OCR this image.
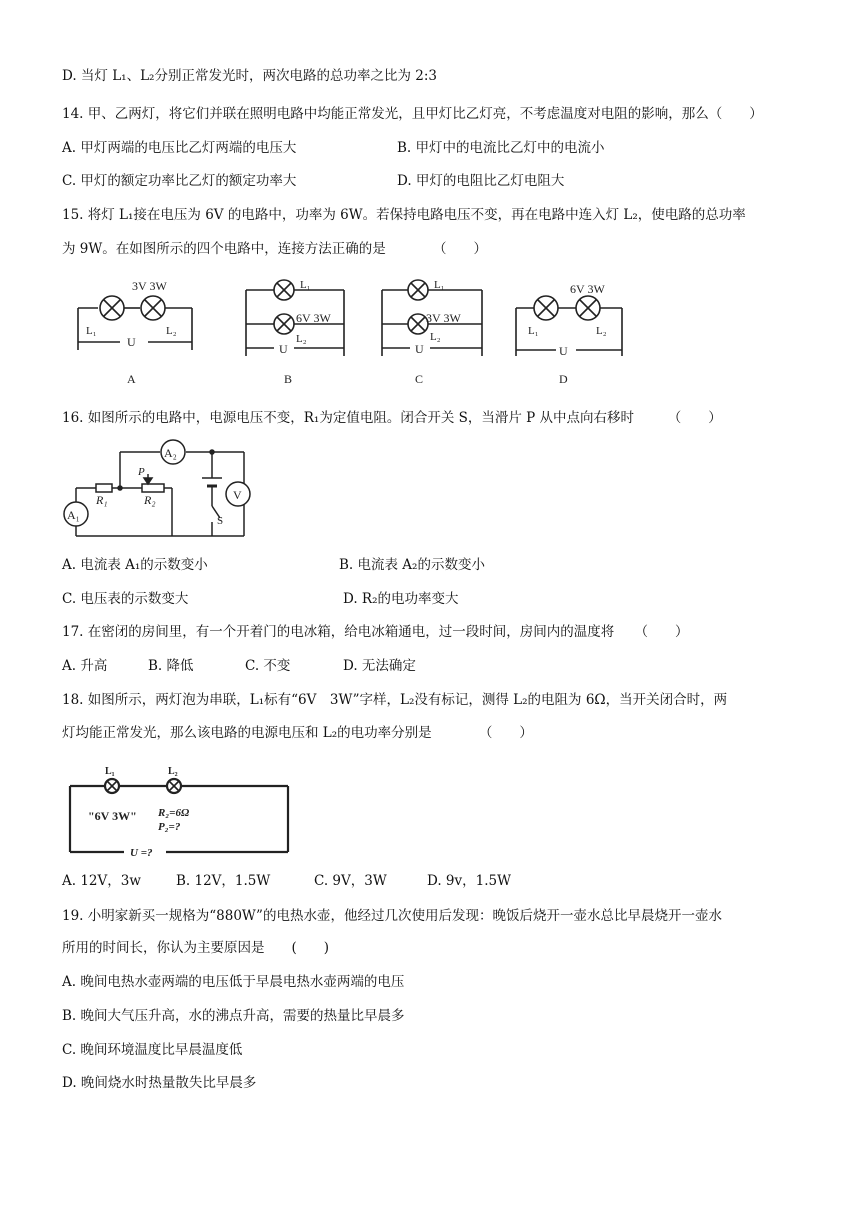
D. 当灯 L₁、L₂分别正常发光时，两次电路的总功率之比为 2:3
14. 甲、乙两灯，将它们并联在照明电路中均能正常发光，且甲灯比乙灯亮，不考虑温度对电阻的影响，那么（　　）
A. 甲灯两端的电压比乙灯两端的电压大	B. 甲灯中的电流比乙灯中的电流小
C. 甲灯的额定功率比乙灯的额定功率大	D. 甲灯的电阻比乙灯电阻大
15. 将灯 L₁接在电压为 6V 的电路中，功率为 6W。若保持电路电压不变，再在电路中连入灯 L₂，使电路的总功率
为 9W。在如图所示的四个电路中，连接方法正确的是　　　　（　　）
3V 3W
L₁	L₂
U
A
L₁
6V 3W
L₂
U
B
L₁
3V 3W
L₂
U
C
6V 3W
L₁	L₂
U
D
16. 如图所示的电路中，电源电压不变，R₁为定值电阻。闭合开关 S，当滑片 P 从中点向右移时　　　（　　）
A₂
A₁
V
R₁	R₂
P
S
A. 电流表 A₁的示数变小	B. 电流表 A₂的示数变小
C. 电压表的示数变大	D. R₂的电功率变大
17. 在密闭的房间里，有一个开着门的电冰箱，给电冰箱通电，过一段时间，房间内的温度将　　（　　）
A. 升高	B. 降低	C. 不变	D. 无法确定
18. 如图所示，两灯泡为串联，L₁标有“6V　3W”字样，L₂没有标记，测得 L₂的电阻为 6Ω，当开关闭合时，两
灯均能正常发光，那么该电路的电源电压和 L₂的电功率分别是　　　　（　　）
L₁	L₂
"6V 3W" R₂=6Ω
P₂=?
U =?
A. 12V，3w	B. 12V，1.5W	C. 9V，3W	D. 9v，1.5W
19. 小明家新买一规格为“880W”的电热水壶，他经过几次使用后发现：晚饭后烧开一壶水总比早晨烧开一壶水
所用的时间长，你认为主要原因是　　(　　)
A. 晚间电热水壶两端的电压低于早晨电热水壶两端的电压
B. 晚间大气压升高，水的沸点升高，需要的热量比早晨多
C. 晚间环境温度比早晨温度低
D. 晚间烧水时热量散失比早晨多
